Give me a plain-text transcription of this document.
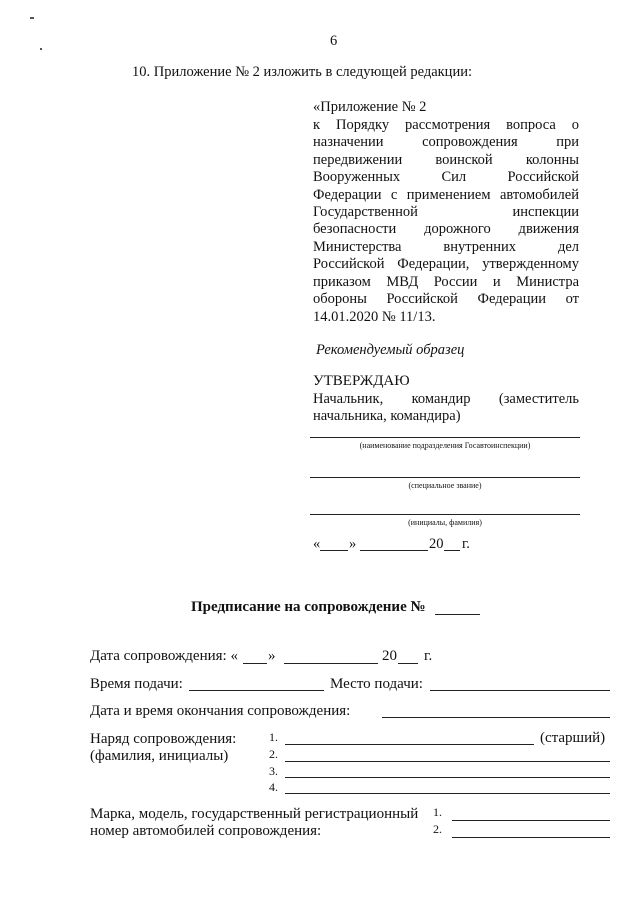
6
10. Приложение № 2 изложить в следующей редакции:
«Приложение № 2
к Порядку рассмотрения вопроса о
назначении сопровождения при
передвижении воинской колонны
Вооруженных Сил Российской
Федерации с применением автомобилей
Государственной инспекции
безопасности дорожного движения
Министерства внутренних дел
Российской Федерации, утвержденному
приказом МВД России и Министра
обороны Российской Федерации от
14.01.2020 № 11/13.
Рекомендуемый образец
УТВЕРЖДАЮ
Начальник, командир (заместитель
начальника, командира)
(наименование подразделения Госавтоинспекции)
(специальное звание)
(инициалы, фамилия)
« »	20 г.
Предписание на сопровождение №
Дата сопровождения: « »	20 г.
Время подачи:	Место подачи:
Дата и время окончания сопровождения:
Наряд сопровождения:
(фамилия, инициалы)
1.	(старший)
2.
3.
4.
Марка, модель, государственный регистрационный
номер автомобилей сопровождения:
1.
2.
